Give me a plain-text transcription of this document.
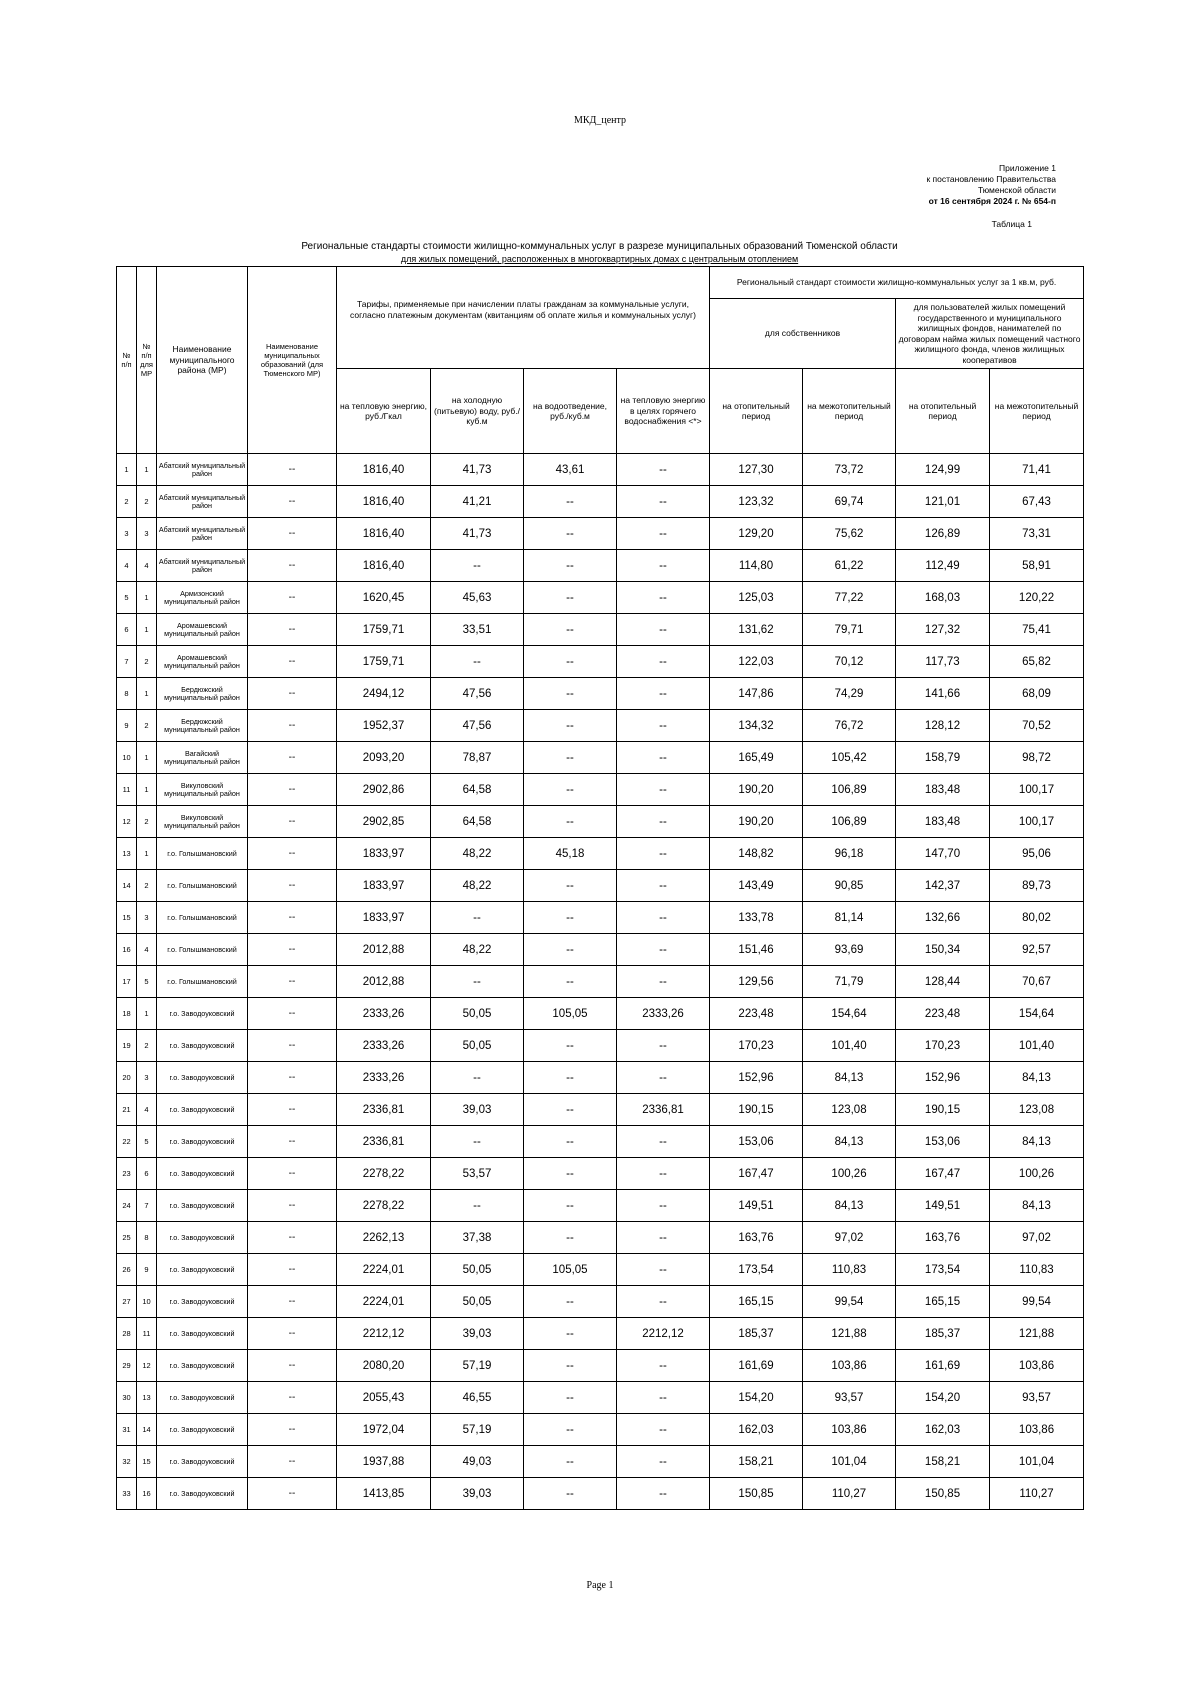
МКД_центр
Приложение 1
к постановлению Правительства
Тюменской области
от 16 сентября 2024 г. № 654-п
Таблица 1
Региональные стандарты стоимости жилищно-коммунальных услуг в разрезе муниципальных образований Тюменской области
для жилых помещений, расположенных в многоквартирных домах с центральным отоплением
№ п/п	№ п/п для МР	Наименование муниципального района (МР)	Наименование муниципальных образований (для Тюменского МР)	Тарифы, применяемые при начислении платы гражданам за коммунальные услуги, согласно платежным документам (квитанциям об оплате жилья и коммунальных услуг)				Региональный стандарт стоимости жилищно-коммунальных услуг за 1 кв.м, руб.			
								для собственников		для пользователей жилых помещений государственного и муниципального жилищных фондов, нанимателей по договорам найма жилых помещений частного жилищного фонда, членов жилищных кооперативов	
				на тепловую энергию, руб./Гкал	на холодную (питьевую) воду, руб./куб.м	на водоотведение, руб./куб.м	на тепловую энергию в целях горячего водоснабжения <*>	на отопительный период	на межотопительный период	на отопительный период	на межотопительный период
1	1	Абатский муниципальный район	--	1816,40	41,73	43,61	--	127,30	73,72	124,99	71,41
2	2	Абатский муниципальный район	--	1816,40	41,21	--	--	123,32	69,74	121,01	67,43
3	3	Абатский муниципальный район	--	1816,40	41,73	--	--	129,20	75,62	126,89	73,31
4	4	Абатский муниципальный район	--	1816,40	--	--	--	114,80	61,22	112,49	58,91
5	1	Армизонский муниципальный район	--	1620,45	45,63	--	--	125,03	77,22	168,03	120,22
6	1	Аромашевский муниципальный район	--	1759,71	33,51	--	--	131,62	79,71	127,32	75,41
7	2	Аромашевский муниципальный район	--	1759,71	--	--	--	122,03	70,12	117,73	65,82
8	1	Бердюжский муниципальный район	--	2494,12	47,56	--	--	147,86	74,29	141,66	68,09
9	2	Бердюжский муниципальный район	--	1952,37	47,56	--	--	134,32	76,72	128,12	70,52
10	1	Вагайский муниципальный район	--	2093,20	78,87	--	--	165,49	105,42	158,79	98,72
11	1	Викуловский муниципальный район	--	2902,86	64,58	--	--	190,20	106,89	183,48	100,17
12	2	Викуловский муниципальный район	--	2902,85	64,58	--	--	190,20	106,89	183,48	100,17
13	1	г.о. Голышмановский	--	1833,97	48,22	45,18	--	148,82	96,18	147,70	95,06
14	2	г.о. Голышмановский	--	1833,97	48,22	--	--	143,49	90,85	142,37	89,73
15	3	г.о. Голышмановский	--	1833,97	--	--	--	133,78	81,14	132,66	80,02
16	4	г.о. Голышмановский	--	2012,88	48,22	--	--	151,46	93,69	150,34	92,57
17	5	г.о. Голышмановский	--	2012,88	--	--	--	129,56	71,79	128,44	70,67
18	1	г.о. Заводоуковский	--	2333,26	50,05	105,05	2333,26	223,48	154,64	223,48	154,64
19	2	г.о. Заводоуковский	--	2333,26	50,05	--	--	170,23	101,40	170,23	101,40
20	3	г.о. Заводоуковский	--	2333,26	--	--	--	152,96	84,13	152,96	84,13
21	4	г.о. Заводоуковский	--	2336,81	39,03	--	2336,81	190,15	123,08	190,15	123,08
22	5	г.о. Заводоуковский	--	2336,81	--	--	--	153,06	84,13	153,06	84,13
23	6	г.о. Заводоуковский	--	2278,22	53,57	--	--	167,47	100,26	167,47	100,26
24	7	г.о. Заводоуковский	--	2278,22	--	--	--	149,51	84,13	149,51	84,13
25	8	г.о. Заводоуковский	--	2262,13	37,38	--	--	163,76	97,02	163,76	97,02
26	9	г.о. Заводоуковский	--	2224,01	50,05	105,05	--	173,54	110,83	173,54	110,83
27	10	г.о. Заводоуковский	--	2224,01	50,05	--	--	165,15	99,54	165,15	99,54
28	11	г.о. Заводоуковский	--	2212,12	39,03	--	2212,12	185,37	121,88	185,37	121,88
29	12	г.о. Заводоуковский	--	2080,20	57,19	--	--	161,69	103,86	161,69	103,86
30	13	г.о. Заводоуковский	--	2055,43	46,55	--	--	154,20	93,57	154,20	93,57
31	14	г.о. Заводоуковский	--	1972,04	57,19	--	--	162,03	103,86	162,03	103,86
32	15	г.о. Заводоуковский	--	1937,88	49,03	--	--	158,21	101,04	158,21	101,04
33	16	г.о. Заводоуковский	--	1413,85	39,03	--	--	150,85	110,27	150,85	110,27
Page 1
